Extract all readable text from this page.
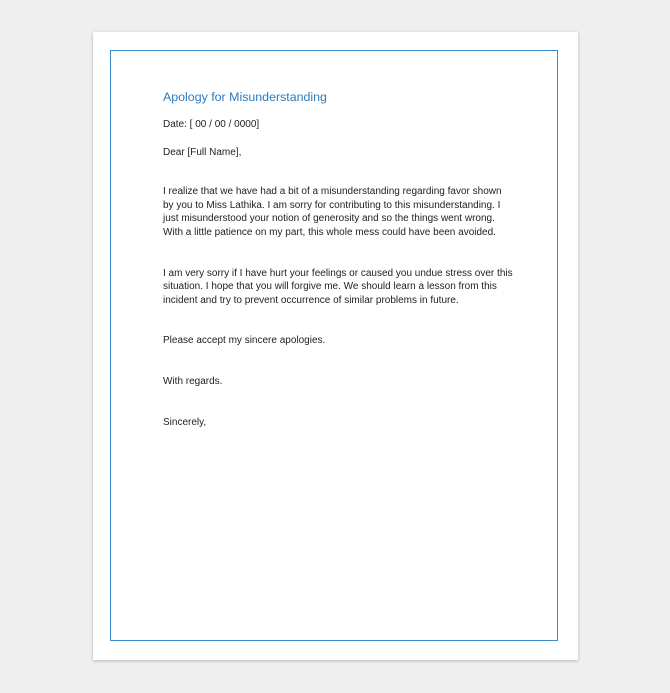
Apology for Misunderstanding

Date: [ 00 / 00 / 0000]
Dear [Full Name],

I realize that we have had a bit of a misunderstanding regarding favor shown by you to Miss Lathika. I am sorry for contributing to this misunderstanding. I just misunderstood your notion of generosity and so the things went wrong. With a little patience on my part, this whole mess could have been avoided.

I am very sorry if I have hurt your feelings or caused you undue stress over this situation. I hope that you will forgive me. We should learn a lesson from this incident and try to prevent occurrence of similar problems in future.

Please accept my sincere apologies.

With regards.

Sincerely,
